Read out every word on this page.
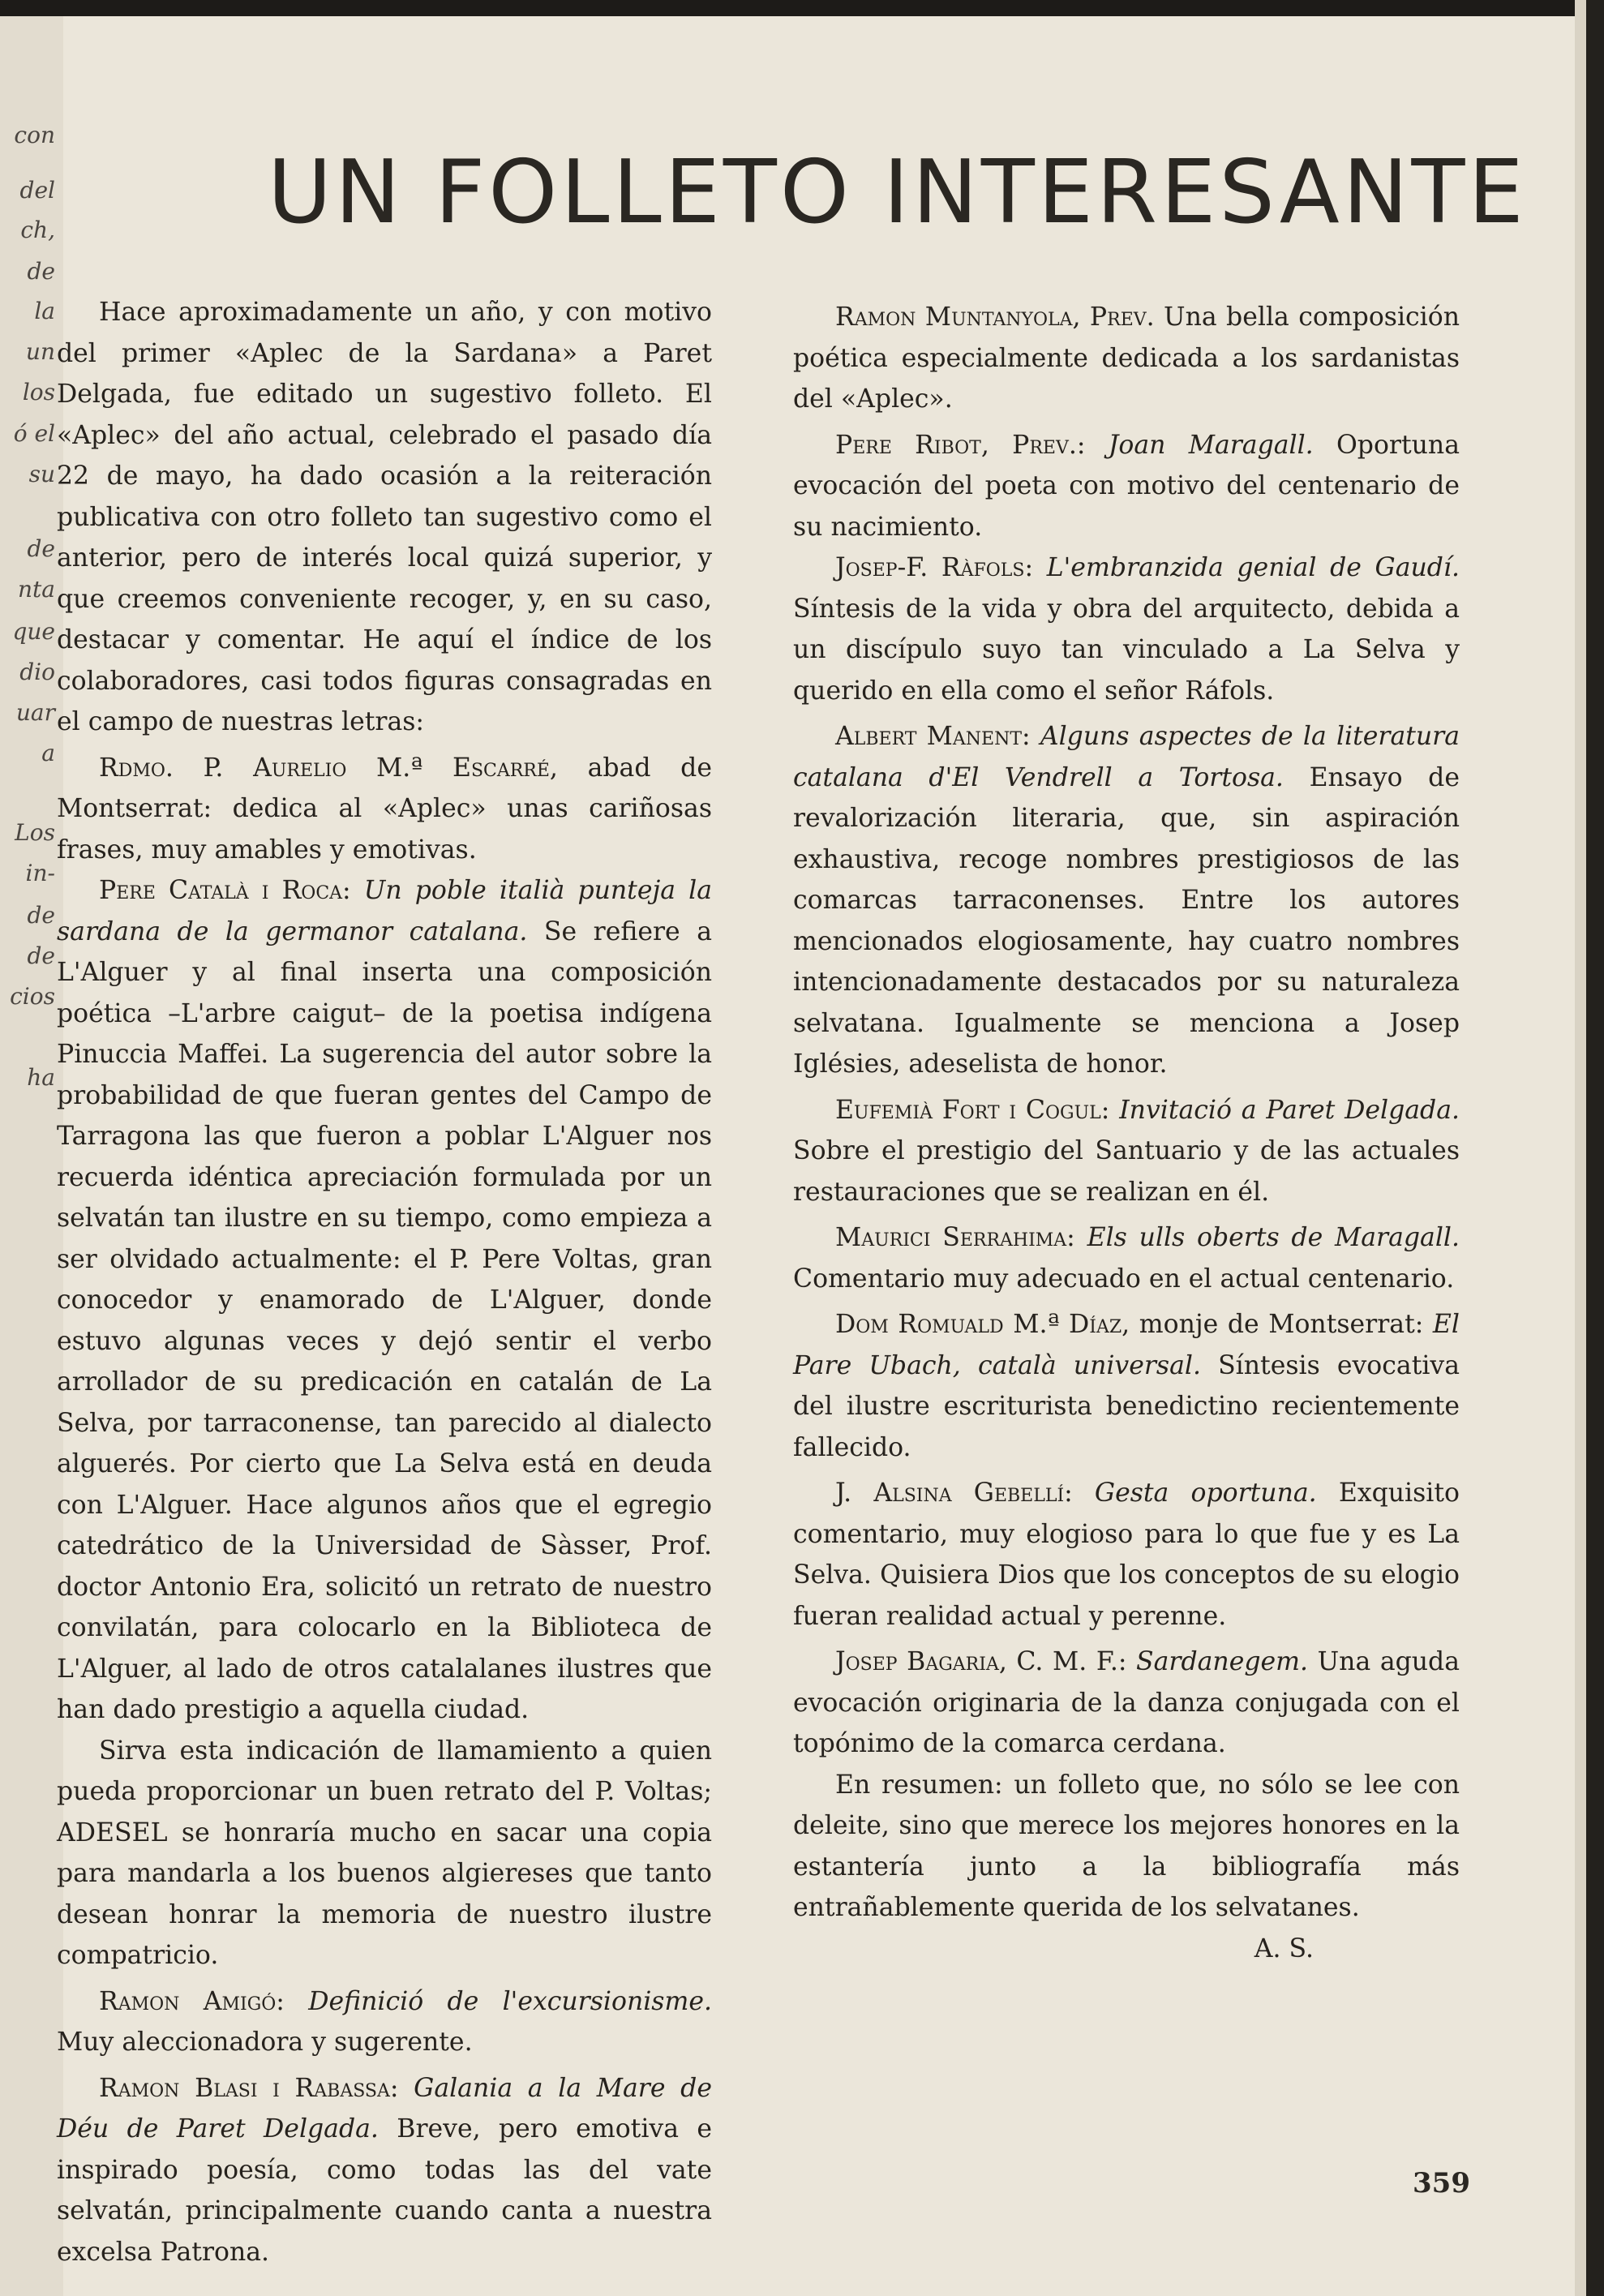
con
del
ch,
de
la
un
los
ó el
su
de
nta
que
dio
uar
a
Los
in-
de
de
cios
ha
UN FOLLETO INTERESANTE

Hace aproximadamente un año, y con motivo del primer «Aplec de la Sardana» a Paret Delgada, fue editado un sugestivo folleto. El «Aplec» del año actual, celebrado el pasado día 22 de mayo, ha dado ocasión a la reiteración publicativa con otro folleto tan sugestivo como el anterior, pero de interés local quizá superior, y que creemos conveniente recoger, y, en su caso, destacar y comentar. He aquí el índice de los colaboradores, casi todos figuras consagradas en el campo de nuestras letras:

Rdmo. P. Aurelio M.ª Escarré, abad de Montserrat: dedica al «Aplec» unas cariñosas frases, muy amables y emotivas.

Pere Català i Roca: Un poble italià punteja la sardana de la germanor catalana. Se refiere a L'Alguer y al final inserta una composición poética –L'arbre caigut– de la poetisa indígena Pinuccia Maffei. La sugerencia del autor sobre la probabilidad de que fueran gentes del Campo de Tarragona las que fueron a poblar L'Alguer nos recuerda idéntica apreciación formulada por un selvatán tan ilustre en su tiempo, como empieza a ser olvidado actualmente: el P. Pere Voltas, gran conocedor y enamorado de L'Alguer, donde estuvo algunas veces y dejó sentir el verbo arrollador de su predicación en catalán de La Selva, por tarraconense, tan parecido al dialecto alguerés. Por cierto que La Selva está en deuda con L'Alguer. Hace algunos años que el egregio catedrático de la Universidad de Sàsser, Prof. doctor Antonio Era, solicitó un retrato de nuestro convilatán, para colocarlo en la Biblioteca de L'Alguer, al lado de otros catalalanes ilustres que han dado prestigio a aquella ciudad.

Sirva esta indicación de llamamiento a quien pueda proporcionar un buen retrato del P. Voltas; ADESEL se honraría mucho en sacar una copia para mandarla a los buenos algiereses que tanto desean honrar la memoria de nuestro ilustre compatricio.

Ramon Amigó: Definició de l'excursionisme. Muy aleccionadora y sugerente.

Ramon Blasi i Rabassa: Galania a la Mare de Déu de Paret Delgada. Breve, pero emotiva e inspirado poesía, como todas las del vate selvatán, principalmente cuando canta a nuestra excelsa Patrona.

Ramon Muntanyola, Prev. Una bella composición poética especialmente dedicada a los sardanistas del «Aplec».

Pere Ribot, Prev.: Joan Maragall. Oportuna evocación del poeta con motivo del centenario de su nacimiento.

Josep-F. Ràfols: L'embranzida genial de Gaudí. Síntesis de la vida y obra del arquitecto, debida a un discípulo suyo tan vinculado a La Selva y querido en ella como el señor Ráfols.

Albert Manent: Alguns aspectes de la literatura catalana d'El Vendrell a Tortosa. Ensayo de revalorización literaria, que, sin aspiración exhaustiva, recoge nombres prestigiosos de las comarcas tarraconenses. Entre los autores mencionados elogiosamente, hay cuatro nombres intencionadamente destacados por su naturaleza selvatana. Igualmente se menciona a Josep Iglésies, adeselista de honor.

Eufemià Fort i Cogul: Invitació a Paret Delgada. Sobre el prestigio del Santuario y de las actuales restauraciones que se realizan en él.

Maurici Serrahima: Els ulls oberts de Maragall. Comentario muy adecuado en el actual centenario.

Dom Romuald M.ª Díaz, monje de Montserrat: El Pare Ubach, català universal. Síntesis evocativa del ilustre escriturista benedictino recientemente fallecido.

J. Alsina Gebellí: Gesta oportuna. Exquisito comentario, muy elogioso para lo que fue y es La Selva. Quisiera Dios que los conceptos de su elogio fueran realidad actual y perenne.

Josep Bagaria, C. M. F.: Sardanegem. Una aguda evocación originaria de la danza conjugada con el topónimo de la comarca cerdana.

En resumen: un folleto que, no sólo se lee con deleite, sino que merece los mejores honores en la estantería junto a la bibliografía más entrañablemente querida de los selvatanes.

A. S.

359
